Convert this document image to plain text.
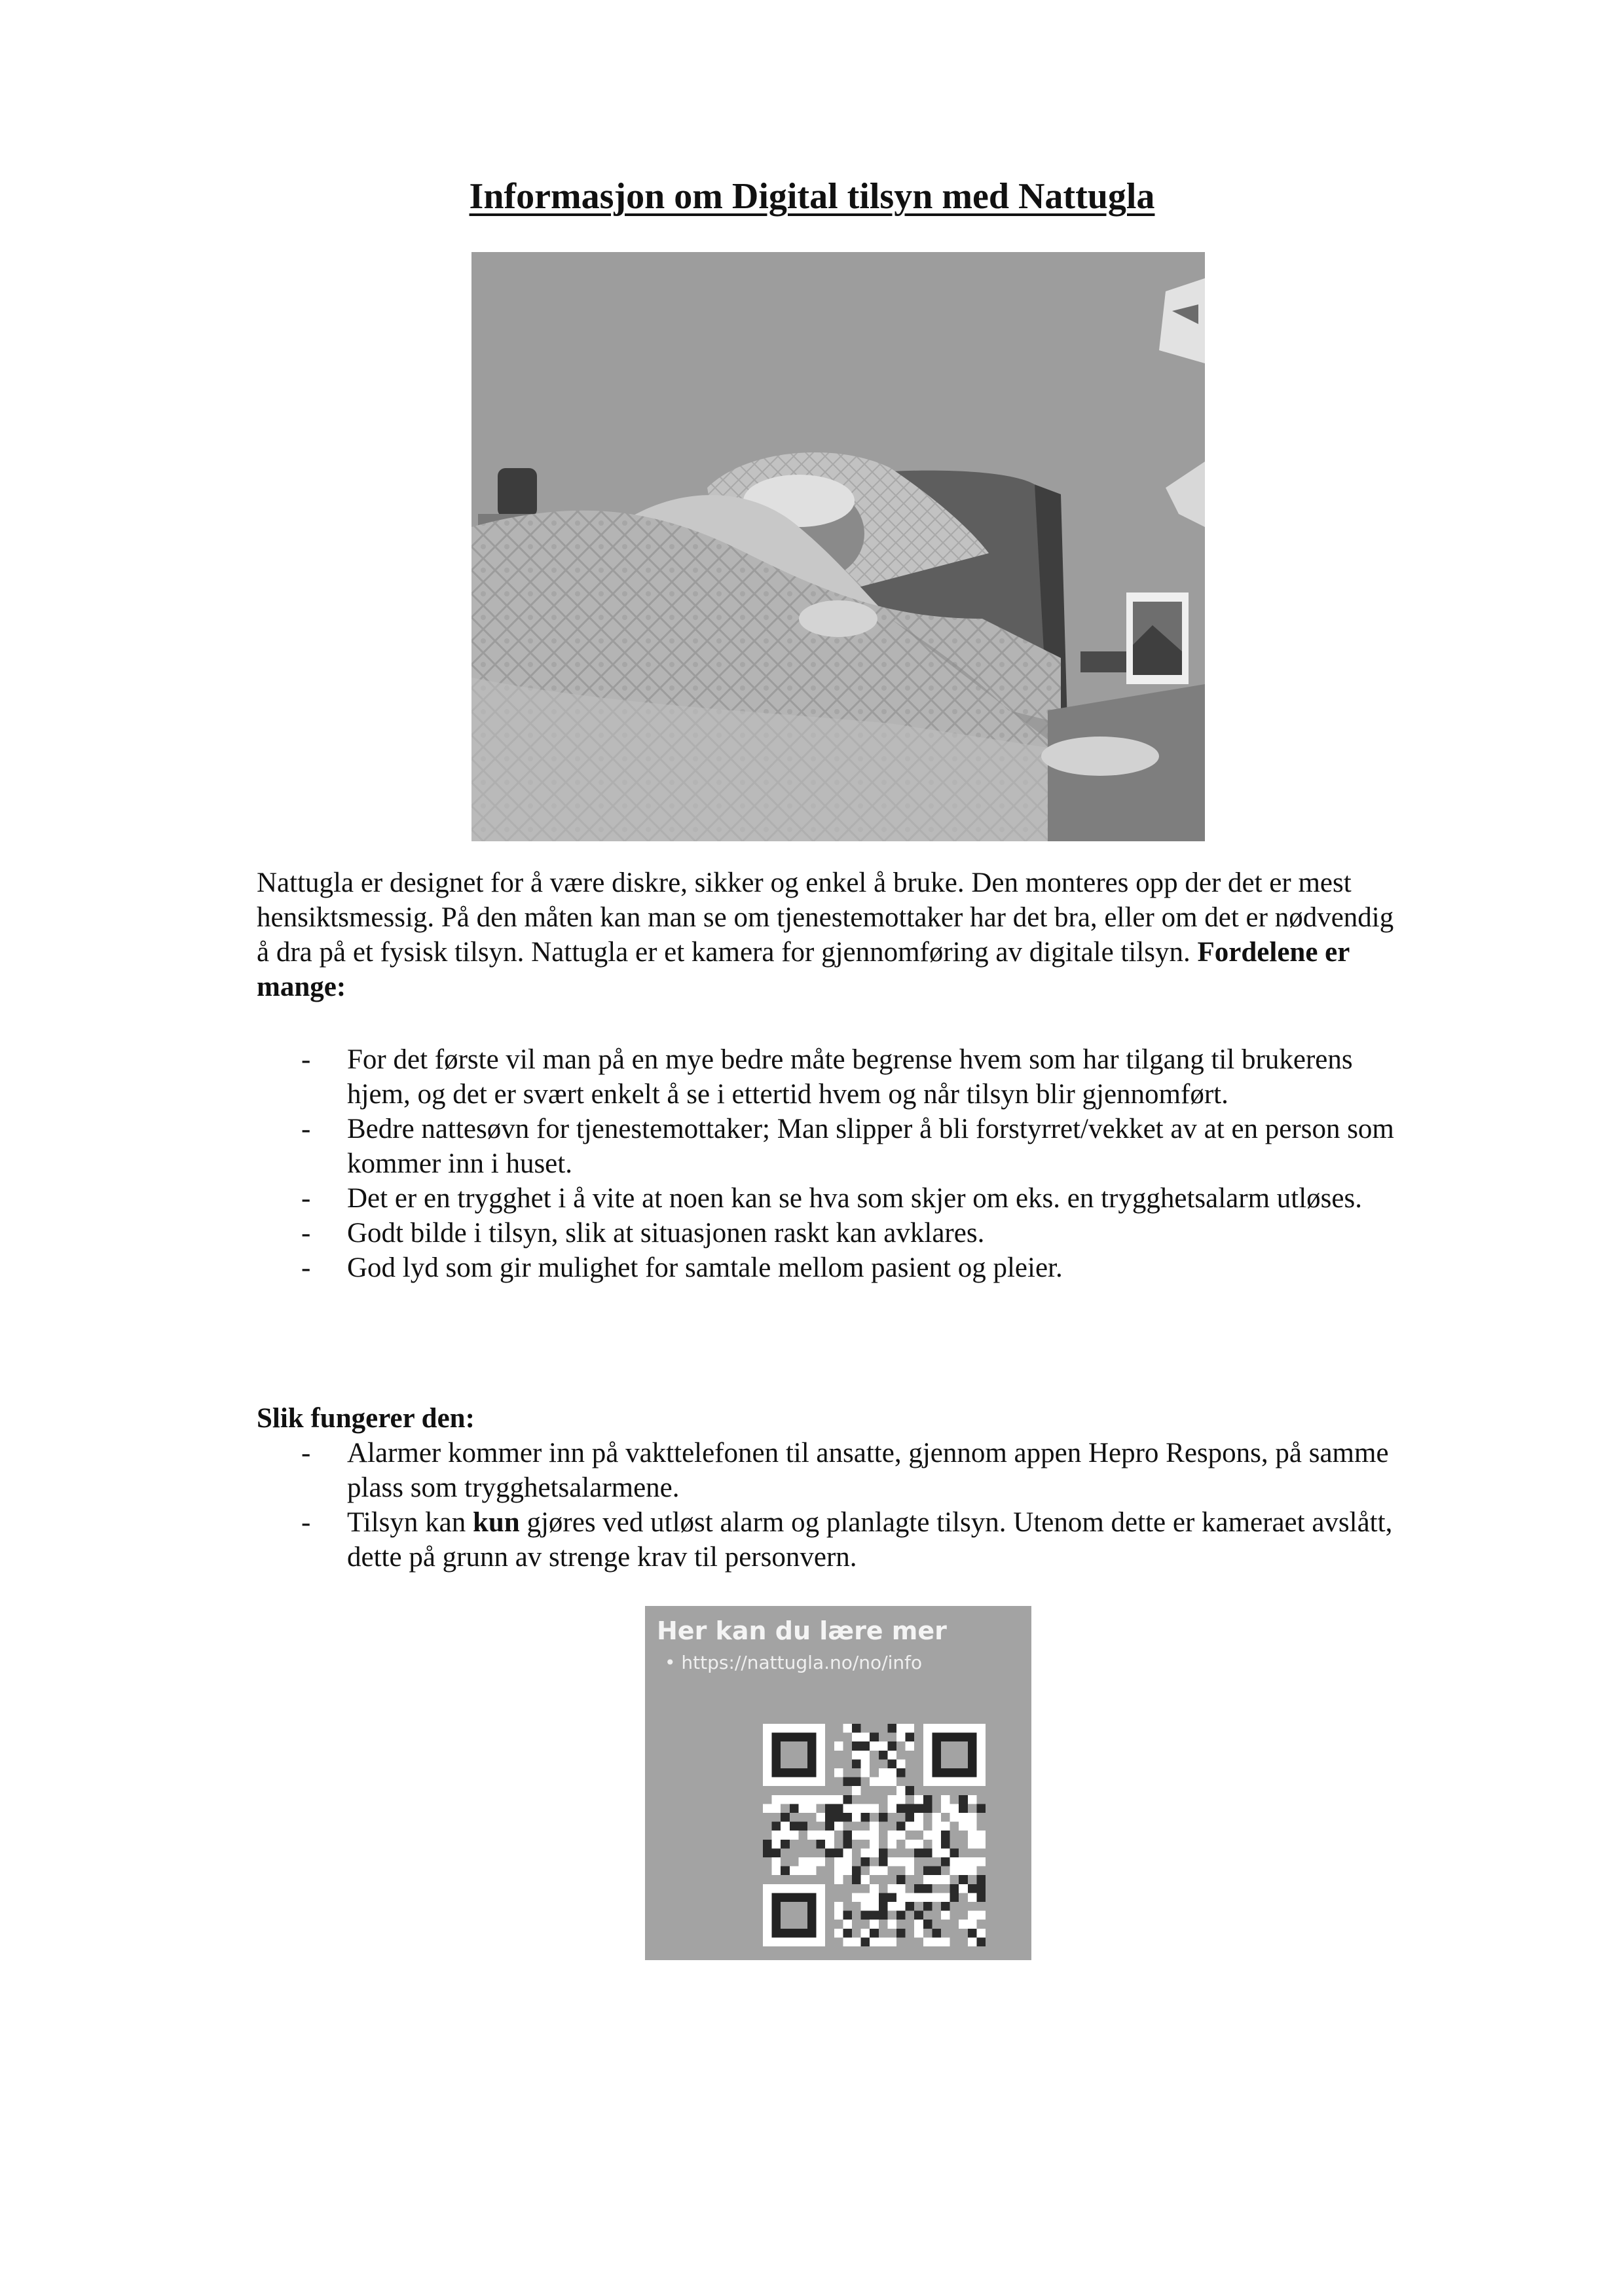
Informasjon om Digital tilsyn med Nattugla

Nattugla er designet for å være diskre, sikker og enkel å bruke. Den monteres opp der det er mest hensiktsmessig. På den måten kan man se om tjenestemottaker har det bra, eller om det er nødvendig å dra på et fysisk tilsyn. Nattugla er et kamera for gjennomføring av digitale tilsyn. Fordelene er mange:

- For det første vil man på en mye bedre måte begrense hvem som har tilgang til brukerens hjem, og det er svært enkelt å se i ettertid hvem og når tilsyn blir gjennomført.
- Bedre nattesøvn for tjenestemottaker; Man slipper å bli forstyrret/vekket av at en person som kommer inn i huset.
- Det er en trygghet i å vite at noen kan se hva som skjer om eks. en trygghetsalarm utløses.
- Godt bilde i tilsyn, slik at situasjonen raskt kan avklares.
- God lyd som gir mulighet for samtale mellom pasient og pleier.

Slik fungerer den:

- Alarmer kommer inn på vakttelefonen til ansatte, gjennom appen Hepro Respons, på samme plass som trygghetsalarmene.
- Tilsyn kan kun gjøres ved utløst alarm og planlagte tilsyn. Utenom dette er kameraet avslått, dette på grunn av strenge krav til personvern.
Her kan du lære mer
• https://nattugla.no/no/info
